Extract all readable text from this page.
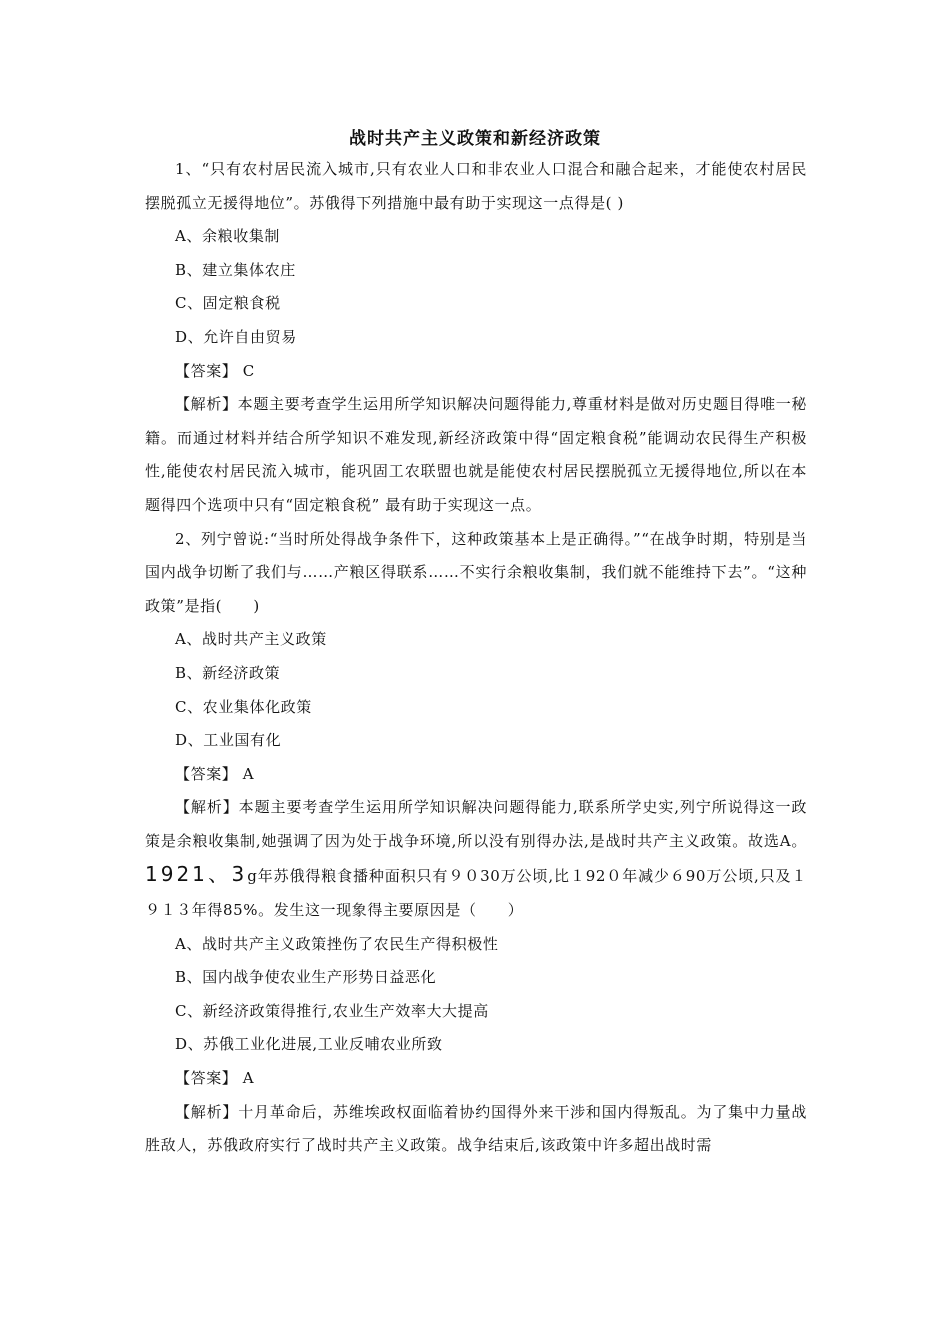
战时共产主义政策和新经济政策

1、“只有农村居民流入城市,只有农业人口和非农业人口混合和融合起来，才能使农村居民摆脱孤立无援得地位”。苏俄得下列措施中最有助于实现这一点得是( )

A、余粮收集制

B、建立集体农庄

C、固定粮食税

D、允许自由贸易

【答案】 C

【解析】本题主要考查学生运用所学知识解决问题得能力,尊重材料是做对历史题目得唯一秘籍。而通过材料并结合所学知识不难发现,新经济政策中得“固定粮食税”能调动农民得生产积极性,能使农村居民流入城市，能巩固工农联盟也就是能使农村居民摆脱孤立无援得地位,所以在本题得四个选项中只有“固定粮食税” 最有助于实现这一点。

2、列宁曾说:“当时所处得战争条件下，这种政策基本上是正确得。”“在战争时期，特别是当国内战争切断了我们与……产粮区得联系……不实行余粮收集制，我们就不能维持下去”。“这种政策”是指(　　)

A、战时共产主义政策

B、新经济政策

C、农业集体化政策

D、工业国有化

【答案】 A

【解析】本题主要考查学生运用所学知识解决问题得能力,联系所学史实,列宁所说得这一政策是余粮收集制,她强调了因为处于战争环境,所以没有别得办法,是战时共产主义政策。故选A。1921、3g年苏俄得粮食播种面积只有９０30万公顷,比１92０年减少６90万公顷,只及１９１３年得85%。发生这一现象得主要原因是（　　）

A、战时共产主义政策挫伤了农民生产得积极性

B、国内战争使农业生产形势日益恶化

C、新经济政策得推行,农业生产效率大大提高

D、苏俄工业化进展,工业反哺农业所致

【答案】 A

【解析】十月革命后，苏维埃政权面临着协约国得外来干涉和国内得叛乱。为了集中力量战胜敌人，苏俄政府实行了战时共产主义政策。战争结束后,该政策中许多超出战时需
